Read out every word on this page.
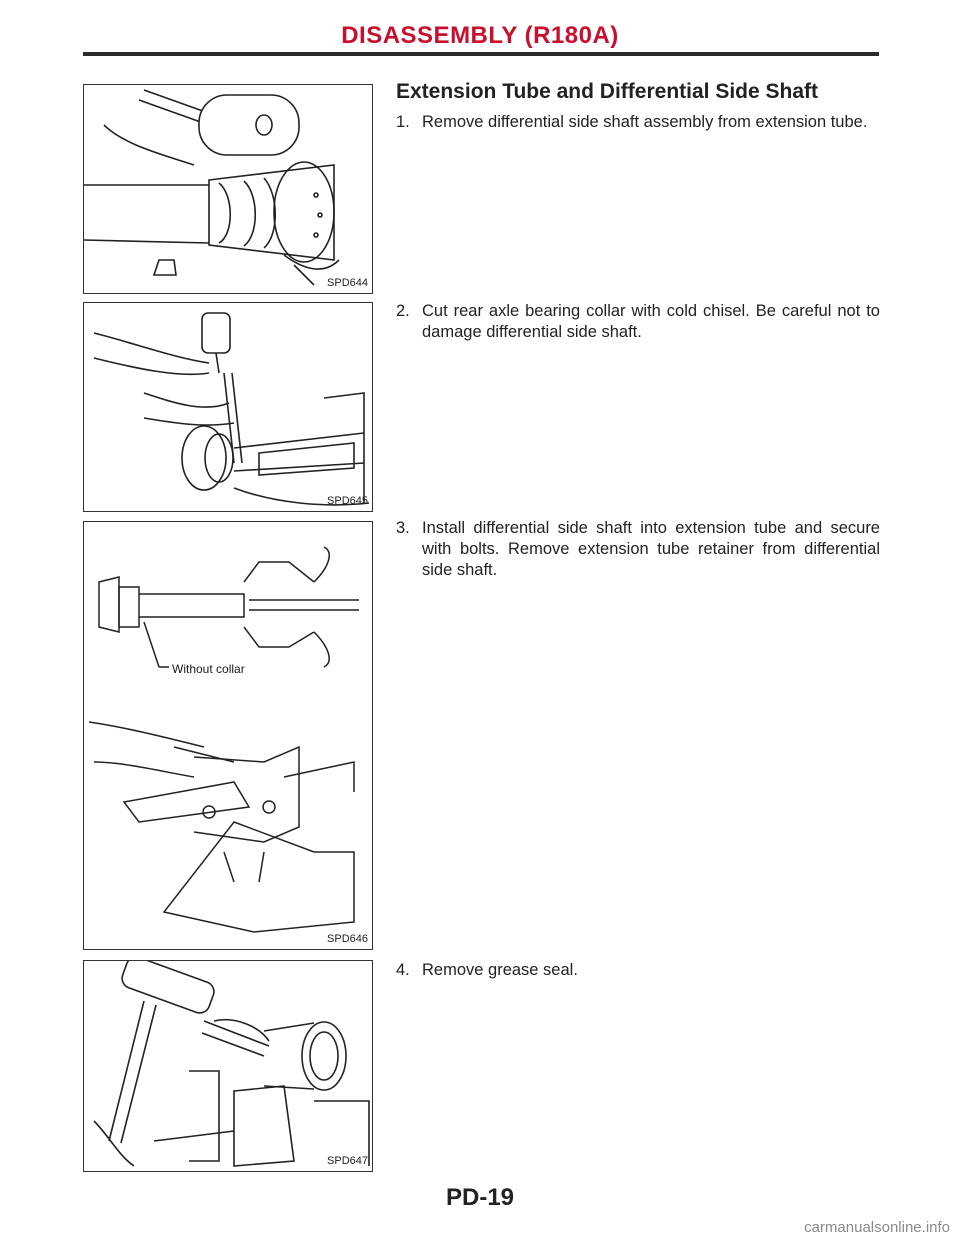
DISASSEMBLY (R180A)
SPD644
SPD645
Without collar
SPD646
SPD647
Extension Tube and Differential Side Shaft
1. Remove differential side shaft assembly from extension tube.
2. Cut rear axle bearing collar with cold chisel. Be careful not to damage differential side shaft.
3. Install differential side shaft into extension tube and secure with bolts. Remove extension tube retainer from differential side shaft.
4. Remove grease seal.
PD-19
carmanualsonline.info
